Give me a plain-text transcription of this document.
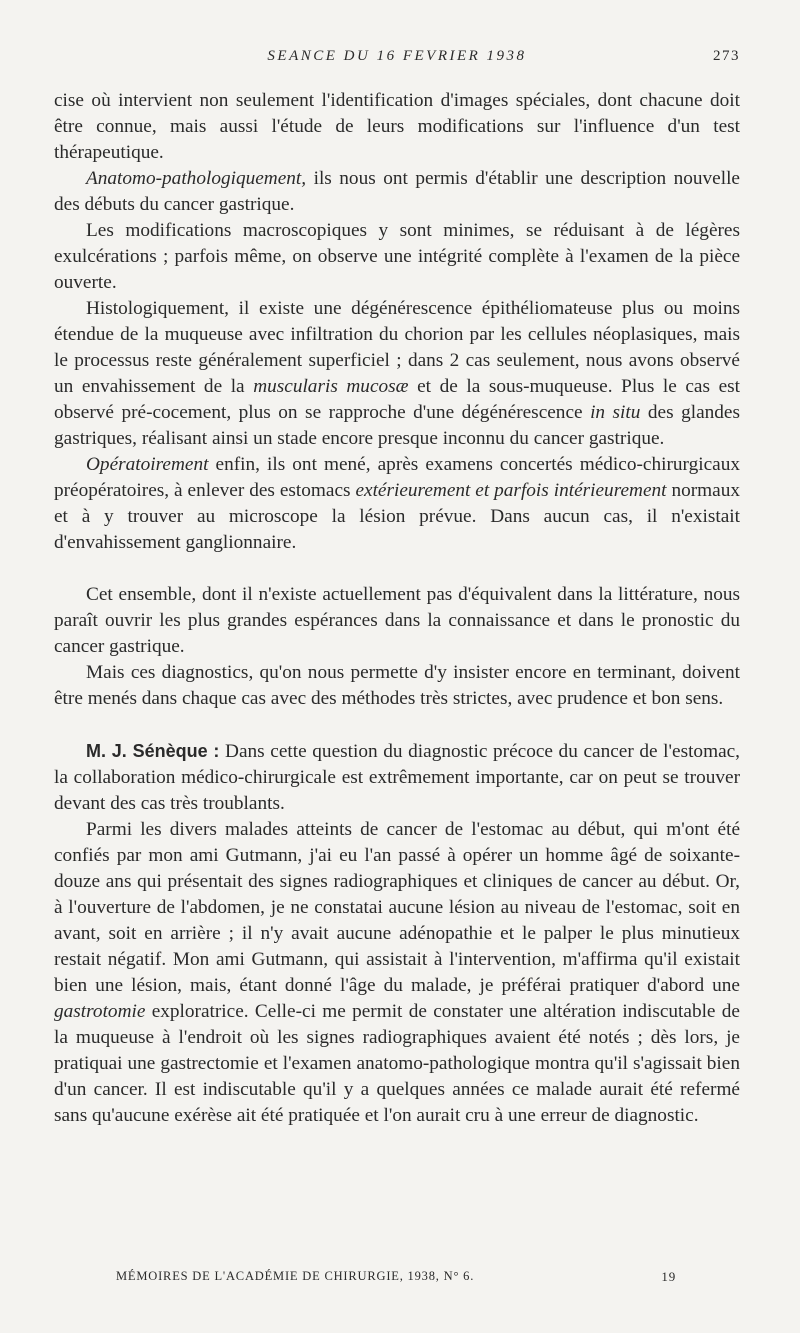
SEANCE DU 16 FEVRIER 1938	273

cise où intervient non seulement l'identification d'images spéciales, dont chacune doit être connue, mais aussi l'étude de leurs modifications sur l'influence d'un test thérapeutique.

Anatomo-pathologiquement, ils nous ont permis d'établir une description nouvelle des débuts du cancer gastrique.

Les modifications macroscopiques y sont minimes, se réduisant à de légères exulcérations ; parfois même, on observe une intégrité complète à l'examen de la pièce ouverte.

Histologiquement, il existe une dégénérescence épithéliomateuse plus ou moins étendue de la muqueuse avec infiltration du chorion par les cellules néoplasiques, mais le processus reste généralement superficiel ; dans 2 cas seulement, nous avons observé un envahissement de la muscularis mucosæ et de la sous-muqueuse. Plus le cas est observé pré-cocement, plus on se rapproche d'une dégénérescence in situ des glandes gastriques, réalisant ainsi un stade encore presque inconnu du cancer gastrique.

Opératoirement enfin, ils ont mené, après examens concertés médico-chirurgicaux préopératoires, à enlever des estomacs extérieurement et parfois intérieurement normaux et à y trouver au microscope la lésion prévue. Dans aucun cas, il n'existait d'envahissement ganglionnaire.

Cet ensemble, dont il n'existe actuellement pas d'équivalent dans la littérature, nous paraît ouvrir les plus grandes espérances dans la connaissance et dans le pronostic du cancer gastrique.

Mais ces diagnostics, qu'on nous permette d'y insister encore en terminant, doivent être menés dans chaque cas avec des méthodes très strictes, avec prudence et bon sens.

M. J. Sénèque : Dans cette question du diagnostic précoce du cancer de l'estomac, la collaboration médico-chirurgicale est extrêmement importante, car on peut se trouver devant des cas très troublants.

Parmi les divers malades atteints de cancer de l'estomac au début, qui m'ont été confiés par mon ami Gutmann, j'ai eu l'an passé à opérer un homme âgé de soixante-douze ans qui présentait des signes radiographiques et cliniques de cancer au début. Or, à l'ouverture de l'abdomen, je ne constatai aucune lésion au niveau de l'estomac, soit en avant, soit en arrière ; il n'y avait aucune adénopathie et le palper le plus minutieux restait négatif. Mon ami Gutmann, qui assistait à l'intervention, m'affirma qu'il existait bien une lésion, mais, étant donné l'âge du malade, je préférai pratiquer d'abord une gastrotomie exploratrice. Celle-ci me permit de constater une altération indiscutable de la muqueuse à l'endroit où les signes radiographiques avaient été notés ; dès lors, je pratiquai une gastrectomie et l'examen anatomo-pathologique montra qu'il s'agissait bien d'un cancer. Il est indiscutable qu'il y a quelques années ce malade aurait été refermé sans qu'aucune exérèse ait été pratiquée et l'on aurait cru à une erreur de diagnostic.

MÉMOIRES DE L'ACADÉMIE DE CHIRURGIE, 1938, N° 6.	19
